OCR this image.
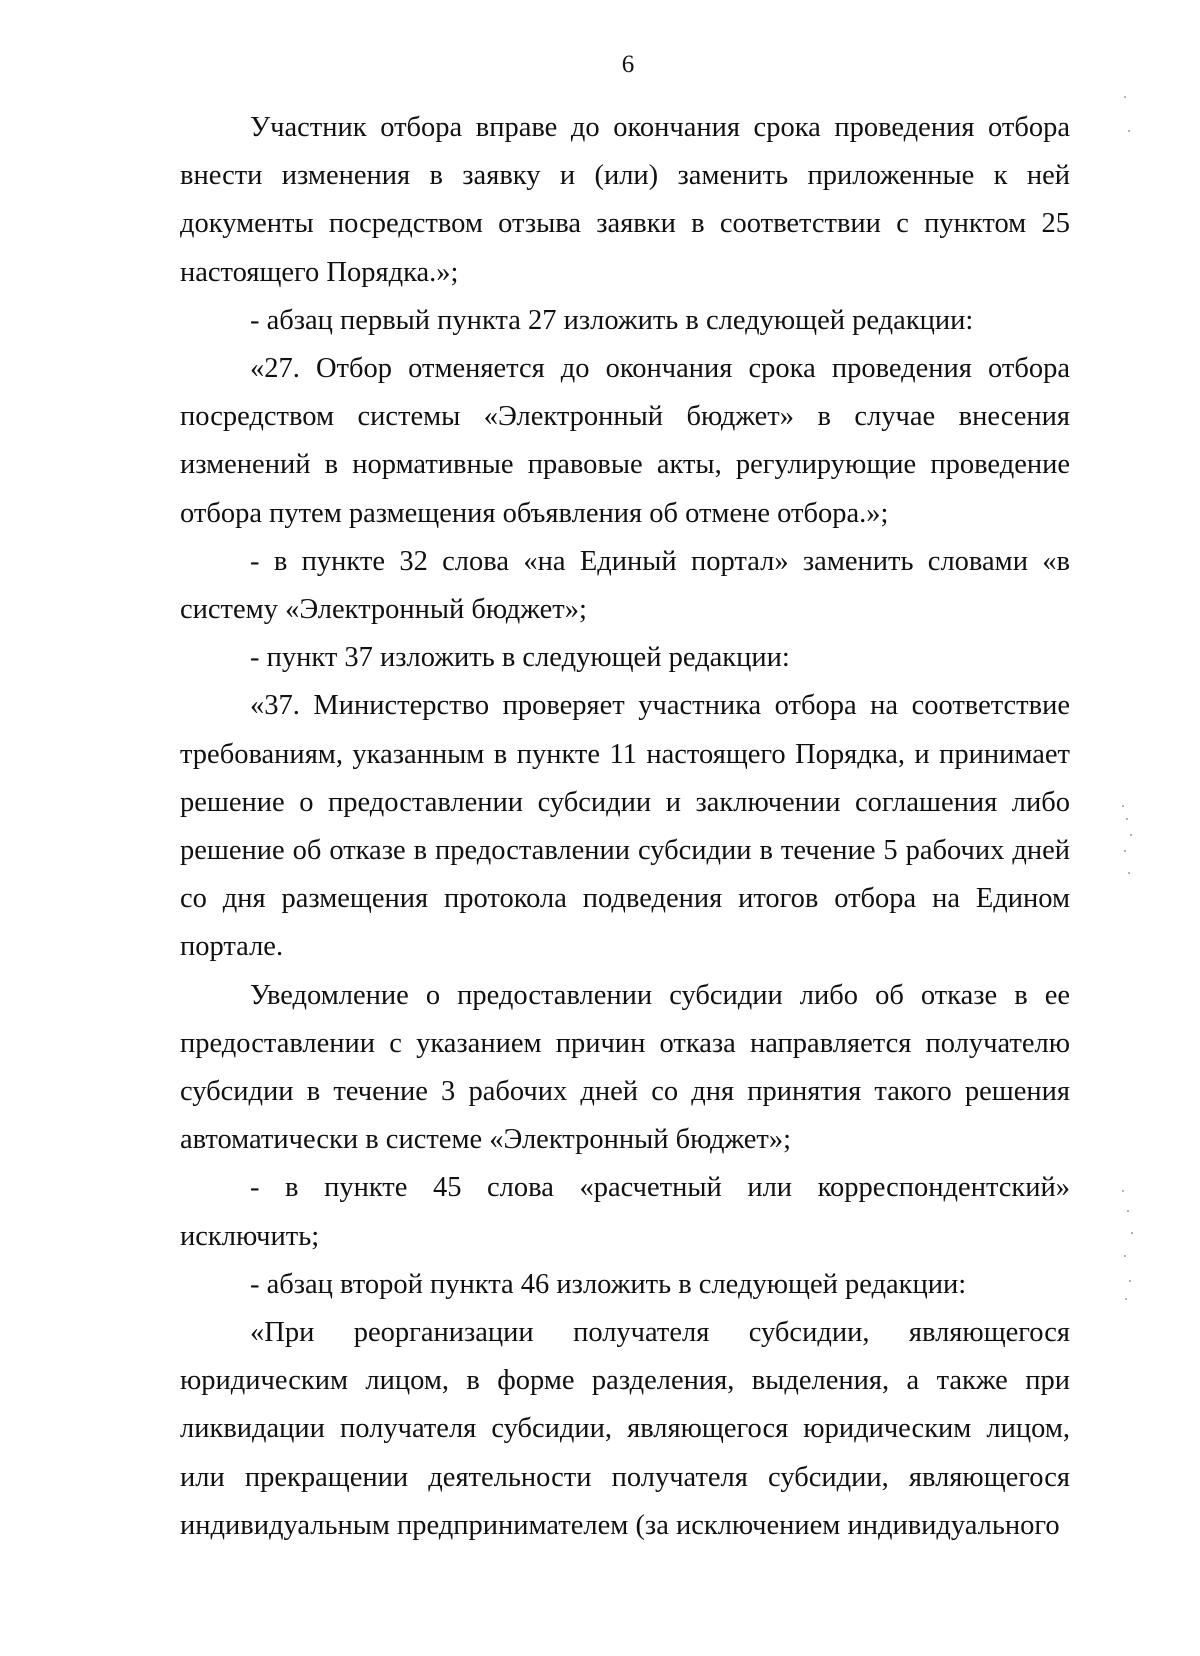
6

Участник отбора вправе до окончания срока проведения отбора внести изменения в заявку и (или) заменить приложенные к ней документы посредством отзыва заявки в соответствии с пунктом 25 настоящего Порядка.»;

- абзац первый пункта 27 изложить в следующей редакции:

«27. Отбор отменяется до окончания срока проведения отбора посредством системы «Электронный бюджет» в случае внесения изменений в нормативные правовые акты, регулирующие проведение отбора путем размещения объявления об отмене отбора.»;

- в пункте 32 слова «на Единый портал» заменить словами «в систему «Электронный бюджет»;

- пункт 37 изложить в следующей редакции:

«37. Министерство проверяет участника отбора на соответствие требованиям, указанным в пункте 11 настоящего Порядка, и принимает решение о предоставлении субсидии и заключении соглашения либо решение об отказе в предоставлении субсидии в течение 5 рабочих дней со дня размещения протокола подведения итогов отбора на Едином портале.

Уведомление о предоставлении субсидии либо об отказе в ее предоставлении с указанием причин отказа направляется получателю субсидии в течение 3 рабочих дней со дня принятия такого решения автоматически в системе «Электронный бюджет»;

- в пункте 45 слова «расчетный или корреспондентский» исключить;

- абзац второй пункта 46 изложить в следующей редакции:

«При реорганизации получателя субсидии, являющегося юридическим лицом, в форме разделения, выделения, а также при ликвидации получателя субсидии, являющегося юридическим лицом, или прекращении деятельности получателя субсидии, являющегося индивидуальным предпринимателем (за исключением индивидуального
